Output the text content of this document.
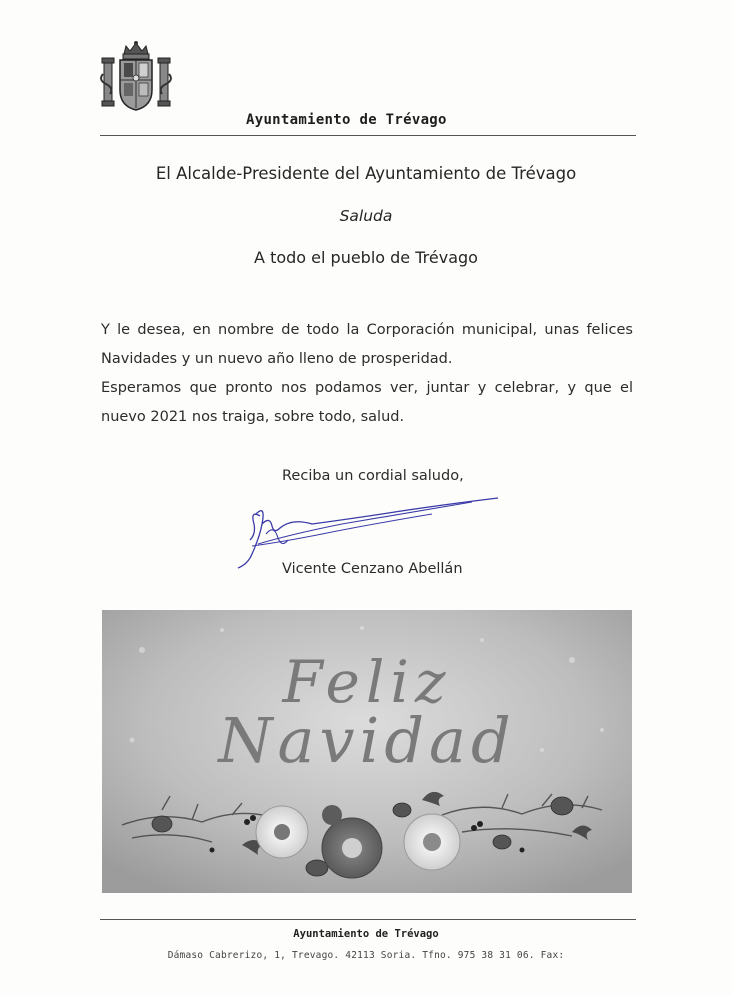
Ayuntamiento de Trévago
El Alcalde-Presidente del Ayuntamiento de Trévago
Saluda
A todo el pueblo de Trévago

Y le desea, en nombre de todo la Corporación municipal, unas felices Navidades y un nuevo año lleno de prosperidad.

Esperamos que pronto nos podamos ver, juntar y celebrar, y que el nuevo 2021 nos traiga, sobre todo, salud.

Reciba un cordial saludo,
Vicente Cenzano Abellán
Feliz
Navidad
Ayuntamiento de Trévago
Dámaso Cabrerizo, 1, Trevago. 42113 Soria. Tfno. 975 38 31 06. Fax:
